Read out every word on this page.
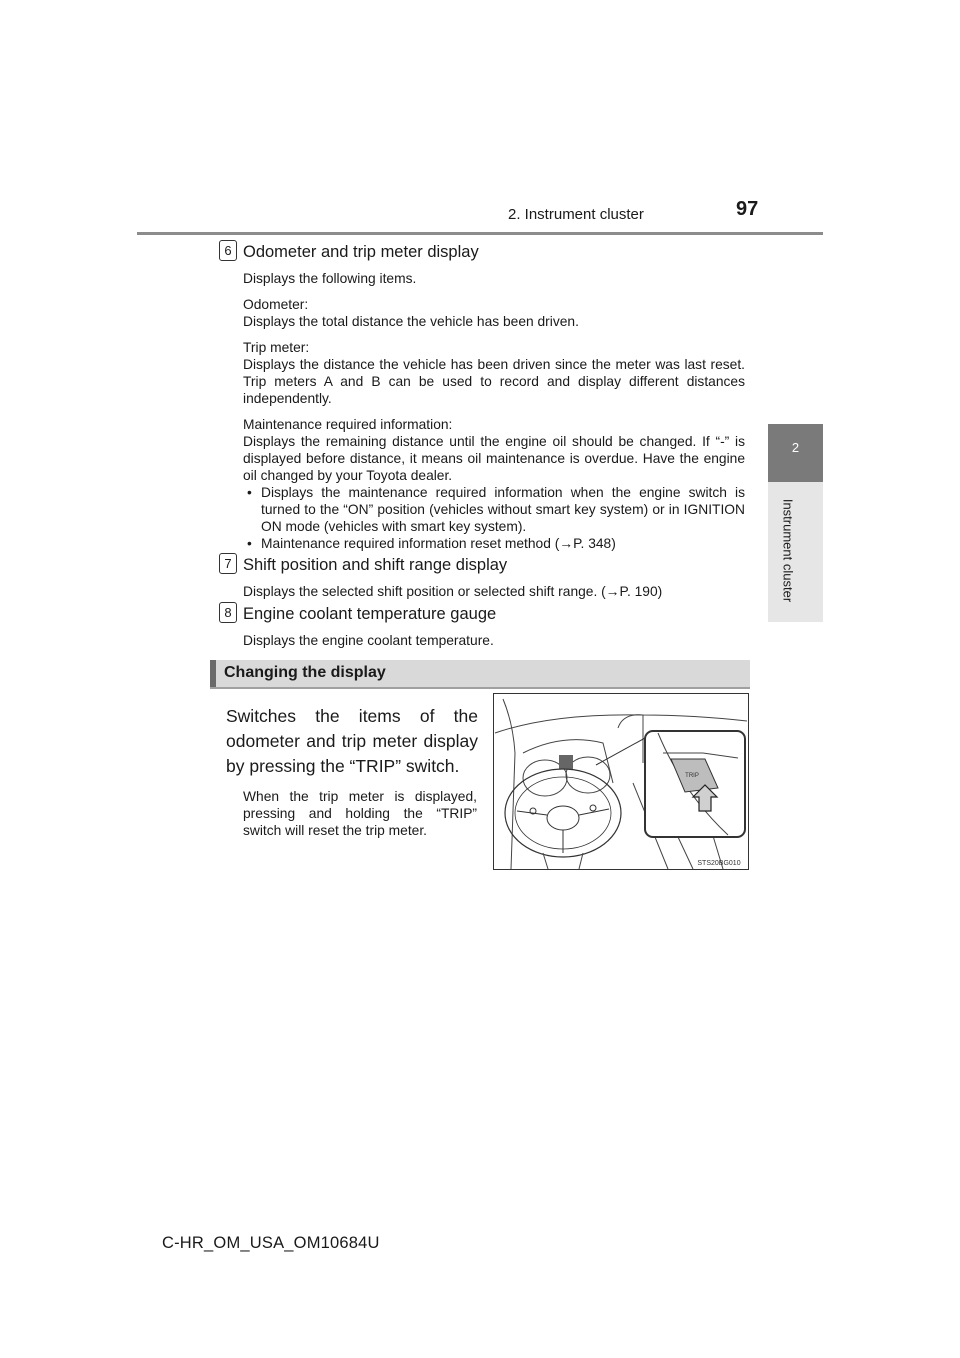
2. Instrument cluster	97
2
Instrument cluster
6 Odometer and trip meter display
Displays the following items.
Odometer:
Displays the total distance the vehicle has been driven.
Trip meter:
Displays the distance the vehicle has been driven since the meter was last reset. Trip meters A and B can be used to record and display different distances independently.
Maintenance required information:
Displays the remaining distance until the engine oil should be changed. If “-” is displayed before distance, it means oil maintenance is overdue. Have the engine oil changed by your Toyota dealer.
• Displays the maintenance required information when the engine switch is turned to the “ON” position (vehicles without smart key system) or in IGNITION ON mode (vehicles with smart key system).
• Maintenance required information reset method (→P. 348)
7 Shift position and shift range display
Displays the selected shift position or selected shift range. (→P. 190)
8 Engine coolant temperature gauge
Displays the engine coolant temperature.
Changing the display
Switches the items of the odometer and trip meter display by pressing the “TRIP” switch.
When the trip meter is displayed, pressing and holding the “TRIP” switch will reset the trip meter.
TRIP
STS20BG010
C-HR_OM_USA_OM10684U
